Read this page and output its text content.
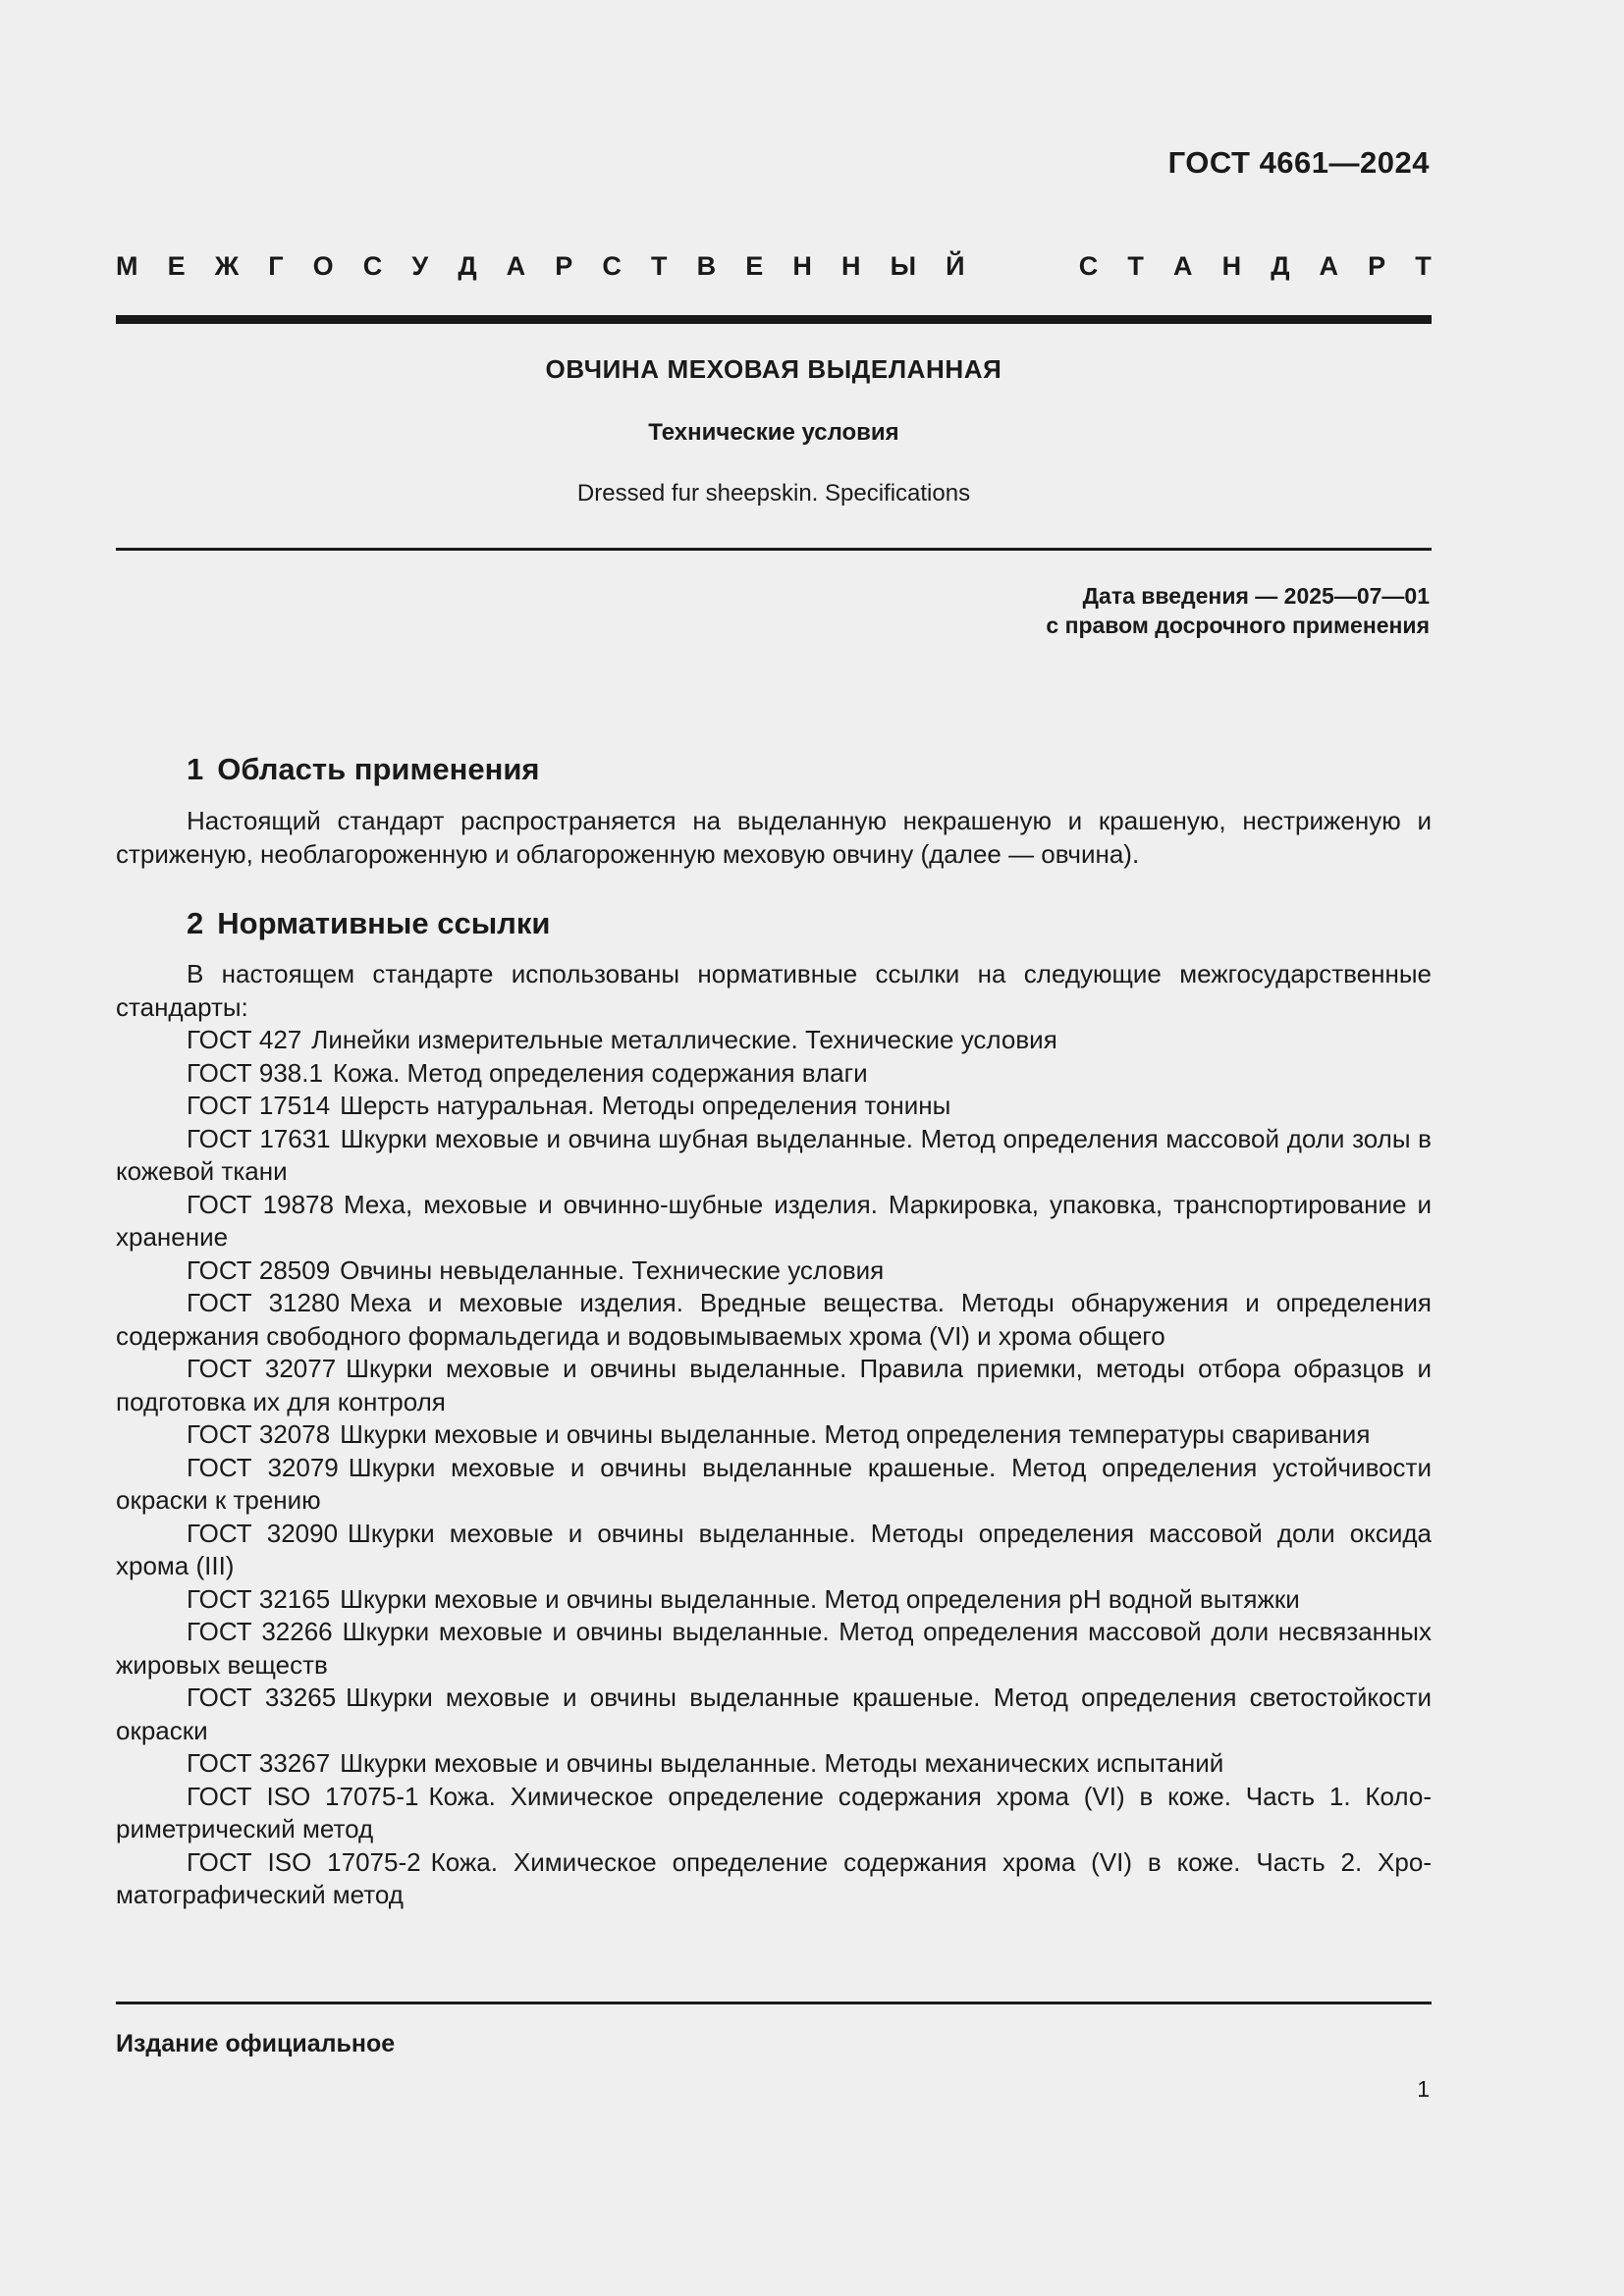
ГОСТ 4661—2024
М Е Ж Г О С У Д А Р С Т В Е Н Н Ы Й	С Т А Н Д А Р Т
ОВЧИНА МЕХОВАЯ ВЫДЕЛАННАЯ
Технические условия
Dressed fur sheepskin. Specifications
Дата введения — 2025—07—01
с правом досрочного применения
1 Область применения

Настоящий стандарт распространяется на выделанную некрашеную и крашеную, нестриженую и стриженую, необлагороженную и облагороженную меховую овчину (далее — овчина).

2 Нормативные ссылки

В настоящем стандарте использованы нормативные ссылки на следующие межгосударственные стандарты:

ГОСТ 427 Линейки измерительные металлические. Технические условия

ГОСТ 938.1 Кожа. Метод определения содержания влаги

ГОСТ 17514 Шерсть натуральная. Методы определения тонины

ГОСТ 17631 Шкурки меховые и овчина шубная выделанные. Метод определения массовой доли золы в кожевой ткани

ГОСТ 19878 Меха, меховые и овчинно-шубные изделия. Маркировка, упаковка, транспортирование и хранение

ГОСТ 28509 Овчины невыделанные. Технические условия

ГОСТ 31280 Меха и меховые изделия. Вредные вещества. Методы обнаружения и определения содержания свободного формальдегида и водовымываемых хрома (VI) и хрома общего

ГОСТ 32077 Шкурки меховые и овчины выделанные. Правила приемки, методы отбора образцов и подготовка их для контроля

ГОСТ 32078 Шкурки меховые и овчины выделанные. Метод определения температуры сваривания

ГОСТ 32079 Шкурки меховые и овчины выделанные крашеные. Метод определения устойчивости окраски к трению

ГОСТ 32090 Шкурки меховые и овчины выделанные. Методы определения массовой доли оксида хрома (III)

ГОСТ 32165 Шкурки меховые и овчины выделанные. Метод определения pH водной вытяжки

ГОСТ 32266 Шкурки меховые и овчины выделанные. Метод определения массовой доли несвязанных жировых веществ

ГОСТ 33265 Шкурки меховые и овчины выделанные крашеные. Метод определения светостойкости окраски

ГОСТ 33267 Шкурки меховые и овчины выделанные. Методы механических испытаний

ГОСТ ISO 17075-1 Кожа. Химическое определение содержания хрома (VI) в коже. Часть 1. Колориметрический метод

ГОСТ ISO 17075-2 Кожа. Химическое определение содержания хрома (VI) в коже. Часть 2. Хроматографический метод

Издание официальное
1
